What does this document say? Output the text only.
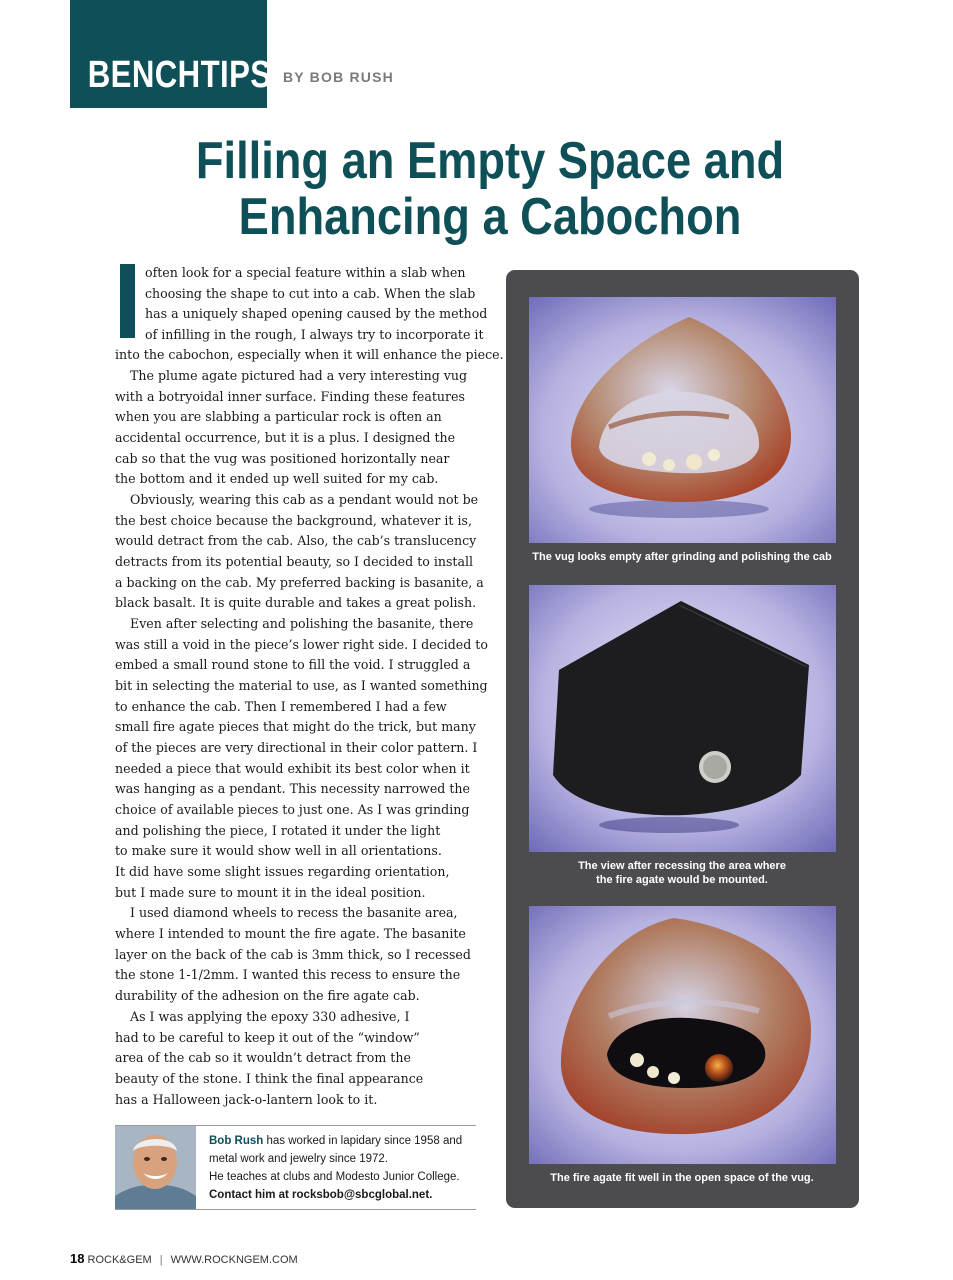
BENCHTIPS BY BOB RUSH
Filling an Empty Space and
Enhancing a Cabochon
often look for a special feature within a slab when
choosing the shape to cut into a cab. When the slab
has a uniquely shaped opening caused by the method
of infilling in the rough, I always try to incorporate it
into the cabochon, especially when it will enhance the piece.
The plume agate pictured had a very interesting vug
with a botryoidal inner surface. Finding these features
when you are slabbing a particular rock is often an
accidental occurrence, but it is a plus. I designed the
cab so that the vug was positioned horizontally near
the bottom and it ended up well suited for my cab.
Obviously, wearing this cab as a pendant would not be
the best choice because the background, whatever it is,
would detract from the cab. Also, the cab’s translucency
detracts from its potential beauty, so I decided to install
a backing on the cab. My preferred backing is basanite, a
black basalt. It is quite durable and takes a great polish.
Even after selecting and polishing the basanite, there
was still a void in the piece’s lower right side. I decided to
embed a small round stone to fill the void. I struggled a
bit in selecting the material to use, as I wanted something
to enhance the cab. Then I remembered I had a few
small fire agate pieces that might do the trick, but many
of the pieces are very directional in their color pattern. I
needed a piece that would exhibit its best color when it
was hanging as a pendant. This necessity narrowed the
choice of available pieces to just one. As I was grinding
and polishing the piece, I rotated it under the light
to make sure it would show well in all orientations.
It did have some slight issues regarding orientation,
but I made sure to mount it in the ideal position.
I used diamond wheels to recess the basanite area,
where I intended to mount the fire agate. The basanite
layer on the back of the cab is 3mm thick, so I recessed
the stone 1-1/2mm. I wanted this recess to ensure the
durability of the adhesion on the fire agate cab.
As I was applying the epoxy 330 adhesive, I
had to be careful to keep it out of the “window”
area of the cab so it wouldn’t detract from the
beauty of the stone. I think the final appearance
has a Halloween jack-o-lantern look to it.
The vug looks empty after grinding and polishing the cab
The view after recessing the area where
the fire agate would be mounted.
The fire agate fit well in the open space of the vug.
Bob Rush has worked in lapidary since 1958 and
metal work and jewelry since 1972.
He teaches at clubs and Modesto Junior College.
Contact him at rocksbob@sbcglobal.net.
18 ROCK&GEM | WWW.ROCKNGEM.COM
